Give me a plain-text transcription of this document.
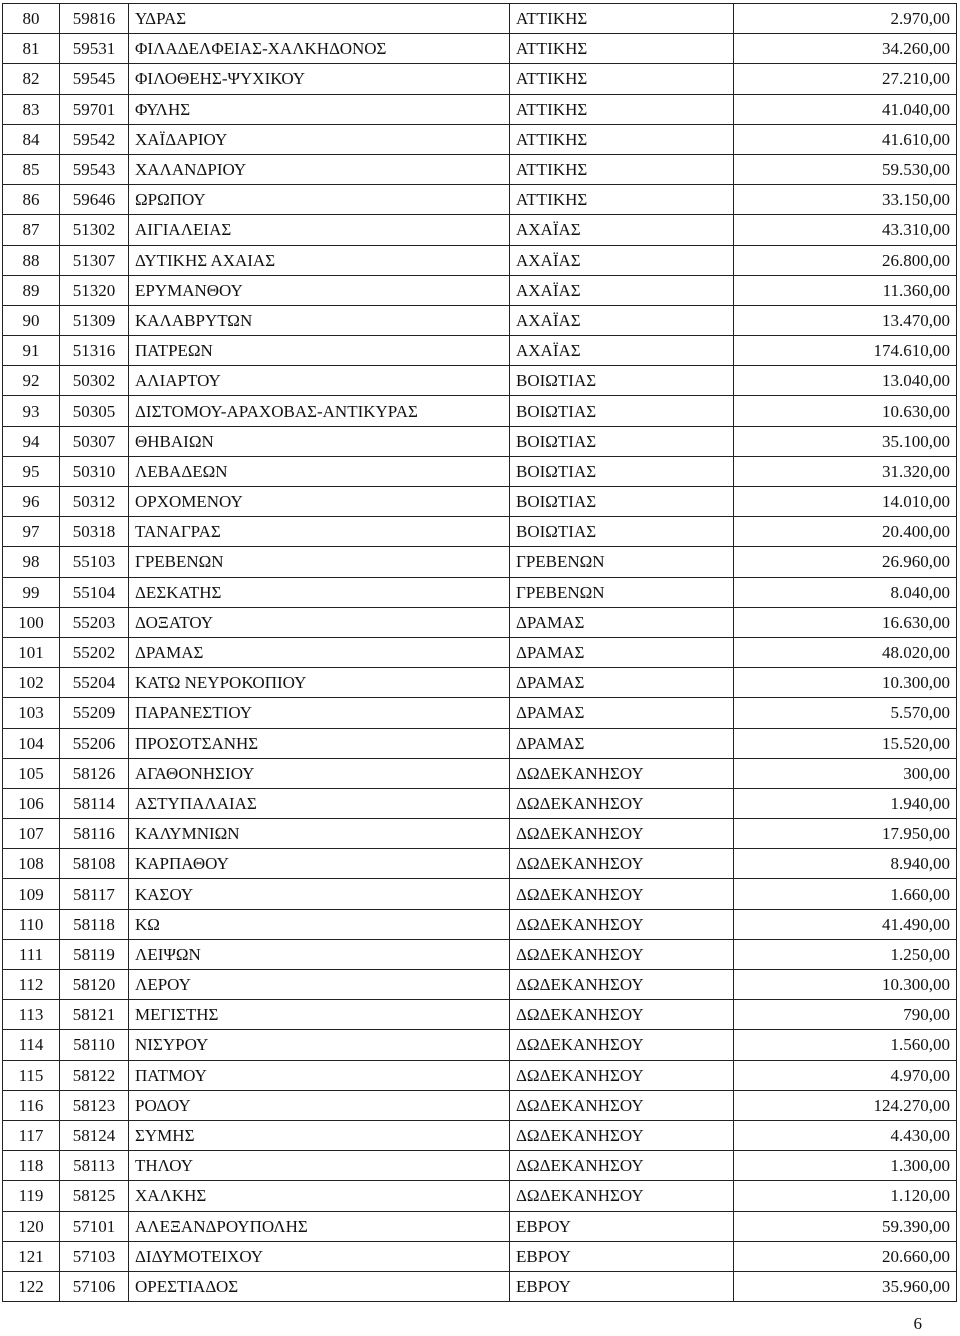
80	59816	ΥΔΡΑΣ	ΑΤΤΙΚΗΣ	2.970,00
81	59531	ΦΙΛΑΔΕΛΦΕΙΑΣ-ΧΑΛΚΗΔΟΝΟΣ	ΑΤΤΙΚΗΣ	34.260,00
82	59545	ΦΙΛΟΘΕΗΣ-ΨΥΧΙΚΟΥ	ΑΤΤΙΚΗΣ	27.210,00
83	59701	ΦΥΛΗΣ	ΑΤΤΙΚΗΣ	41.040,00
84	59542	ΧΑΪΔΑΡΙΟΥ	ΑΤΤΙΚΗΣ	41.610,00
85	59543	ΧΑΛΑΝΔΡΙΟΥ	ΑΤΤΙΚΗΣ	59.530,00
86	59646	ΩΡΩΠΟΥ	ΑΤΤΙΚΗΣ	33.150,00
87	51302	ΑΙΓΙΑΛΕΙΑΣ	ΑΧΑΪΑΣ	43.310,00
88	51307	ΔΥΤΙΚΗΣ ΑΧΑΙΑΣ	ΑΧΑΪΑΣ	26.800,00
89	51320	ΕΡΥΜΑΝΘΟΥ	ΑΧΑΪΑΣ	11.360,00
90	51309	ΚΑΛΑΒΡΥΤΩΝ	ΑΧΑΪΑΣ	13.470,00
91	51316	ΠΑΤΡΕΩΝ	ΑΧΑΪΑΣ	174.610,00
92	50302	ΑΛΙΑΡΤΟΥ	ΒΟΙΩΤΙΑΣ	13.040,00
93	50305	ΔΙΣΤΟΜΟΥ-ΑΡΑΧΟΒΑΣ-ΑΝΤΙΚΥΡΑΣ	ΒΟΙΩΤΙΑΣ	10.630,00
94	50307	ΘΗΒΑΙΩΝ	ΒΟΙΩΤΙΑΣ	35.100,00
95	50310	ΛΕΒΑΔΕΩΝ	ΒΟΙΩΤΙΑΣ	31.320,00
96	50312	ΟΡΧΟΜΕΝΟΥ	ΒΟΙΩΤΙΑΣ	14.010,00
97	50318	ΤΑΝΑΓΡΑΣ	ΒΟΙΩΤΙΑΣ	20.400,00
98	55103	ΓΡΕΒΕΝΩΝ	ΓΡΕΒΕΝΩΝ	26.960,00
99	55104	ΔΕΣΚΑΤΗΣ	ΓΡΕΒΕΝΩΝ	8.040,00
100	55203	ΔΟΞΑΤΟΥ	ΔΡΑΜΑΣ	16.630,00
101	55202	ΔΡΑΜΑΣ	ΔΡΑΜΑΣ	48.020,00
102	55204	ΚΑΤΩ ΝΕΥΡΟΚΟΠΙΟΥ	ΔΡΑΜΑΣ	10.300,00
103	55209	ΠΑΡΑΝΕΣΤΙΟΥ	ΔΡΑΜΑΣ	5.570,00
104	55206	ΠΡΟΣΟΤΣΑΝΗΣ	ΔΡΑΜΑΣ	15.520,00
105	58126	ΑΓΑΘΟΝΗΣΙΟΥ	ΔΩΔΕΚΑΝΗΣΟΥ	300,00
106	58114	ΑΣΤΥΠΑΛΑΙΑΣ	ΔΩΔΕΚΑΝΗΣΟΥ	1.940,00
107	58116	ΚΑΛΥΜΝΙΩΝ	ΔΩΔΕΚΑΝΗΣΟΥ	17.950,00
108	58108	ΚΑΡΠΑΘΟΥ	ΔΩΔΕΚΑΝΗΣΟΥ	8.940,00
109	58117	ΚΑΣΟΥ	ΔΩΔΕΚΑΝΗΣΟΥ	1.660,00
110	58118	ΚΩ	ΔΩΔΕΚΑΝΗΣΟΥ	41.490,00
111	58119	ΛΕΙΨΩΝ	ΔΩΔΕΚΑΝΗΣΟΥ	1.250,00
112	58120	ΛΕΡΟΥ	ΔΩΔΕΚΑΝΗΣΟΥ	10.300,00
113	58121	ΜΕΓΙΣΤΗΣ	ΔΩΔΕΚΑΝΗΣΟΥ	790,00
114	58110	ΝΙΣΥΡΟΥ	ΔΩΔΕΚΑΝΗΣΟΥ	1.560,00
115	58122	ΠΑΤΜΟΥ	ΔΩΔΕΚΑΝΗΣΟΥ	4.970,00
116	58123	ΡΟΔΟΥ	ΔΩΔΕΚΑΝΗΣΟΥ	124.270,00
117	58124	ΣΥΜΗΣ	ΔΩΔΕΚΑΝΗΣΟΥ	4.430,00
118	58113	ΤΗΛΟΥ	ΔΩΔΕΚΑΝΗΣΟΥ	1.300,00
119	58125	ΧΑΛΚΗΣ	ΔΩΔΕΚΑΝΗΣΟΥ	1.120,00
120	57101	ΑΛΕΞΑΝΔΡΟΥΠΟΛΗΣ	ΕΒΡΟΥ	59.390,00
121	57103	ΔΙΔΥΜΟΤΕΙΧΟΥ	ΕΒΡΟΥ	20.660,00
122	57106	ΟΡΕΣΤΙΑΔΟΣ	ΕΒΡΟΥ	35.960,00
6
